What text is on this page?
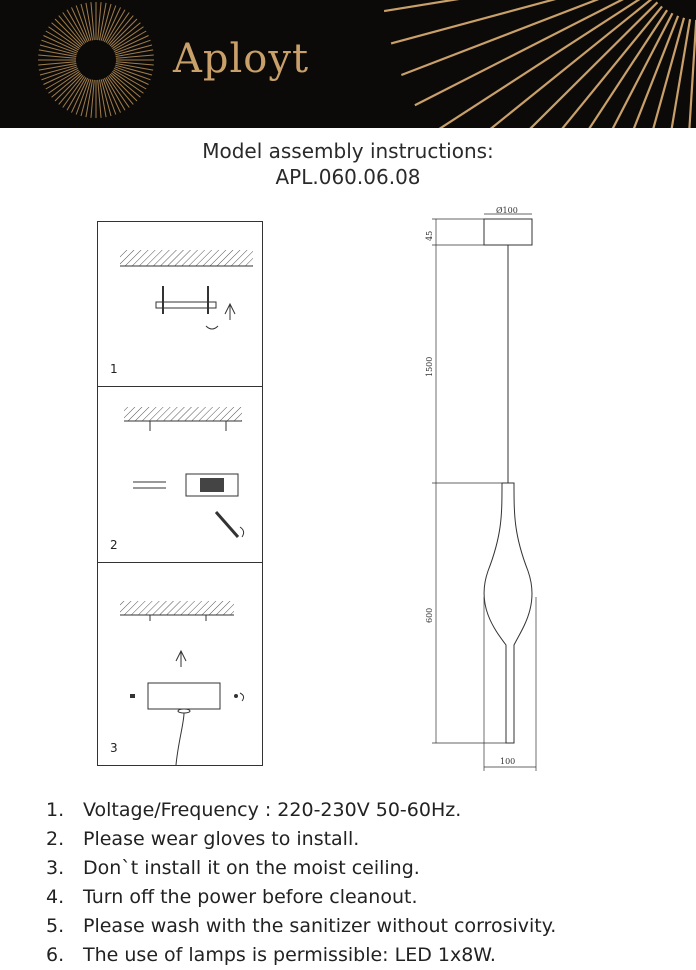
Aployt
Model assembly instructions:
APL.060.06.08
1
2
3
Ø100
45
1500
600
100
1. Voltage/Frequency : 220-230V 50-60Hz.
2. Please wear gloves to install.
3. Don`t install it on the moist ceiling.
4. Turn off the power before cleanout.
5. Please wash with the sanitizer without corrosivity.
6. The use of lamps is permissible: LED 1x8W.
